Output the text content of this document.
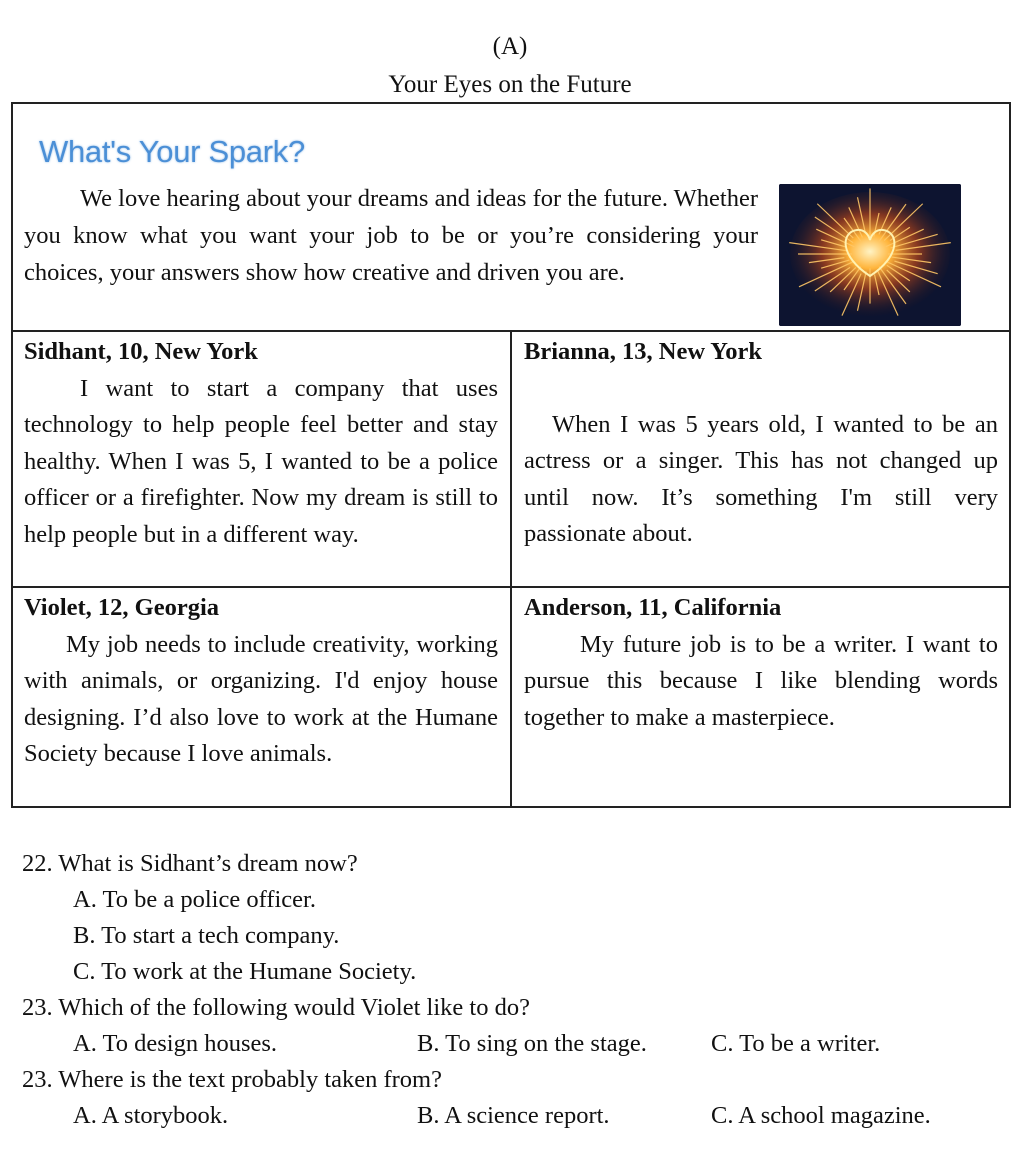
(A)
Your Eyes on the Future
What's Your Spark?

We love hearing about your dreams and ideas for the future. Whether you know what you want your job to be or you’re considering your choices, your answers show how creative and driven you are.

Sidhant, 10, New York

I want to start a company that uses technology to help people feel better and stay healthy. When I was 5, I wanted to be a police officer or a firefighter. Now my dream is still to help people but in a different way.

Brianna, 13, New York

When I was 5 years old, I wanted to be an actress or a singer. This has not changed up until now. It’s something I'm still very passionate about.

Violet, 12, Georgia

My job needs to include creativity, working with animals, or organizing. I'd enjoy house designing. I’d also love to work at the Humane Society because I love animals.

Anderson, 11, California

My future job is to be a writer. I want to pursue this because I like blending words together to make a masterpiece.

22. What is Sidhant’s dream now?
A. To be a police officer.
B. To start a tech company.
C. To work at the Humane Society.
23. Which of the following would Violet like to do?
A. To design houses.	B. To sing on the stage.	C. To be a writer.
23. Where is the text probably taken from?
A. A storybook.	B. A science report.	C. A school magazine.
